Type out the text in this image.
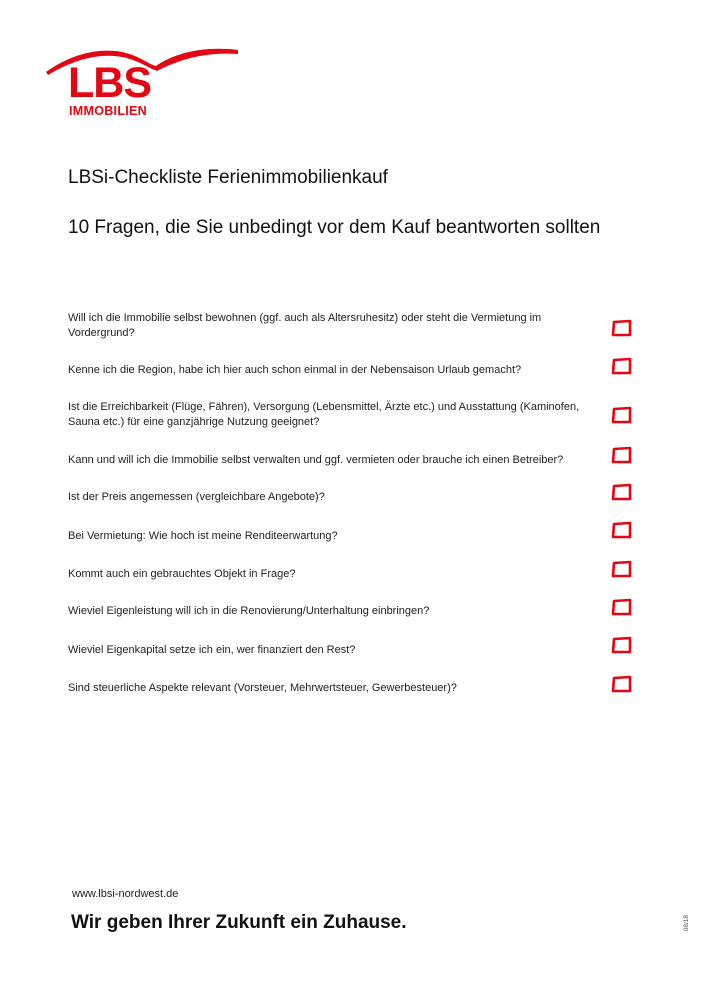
LBS
IMMOBILIEN
LBSi-Checkliste Ferienimmobilienkauf
10 Fragen, die Sie unbedingt vor dem Kauf beantworten sollten
Will ich die Immobilie selbst bewohnen (ggf. auch als Altersruhesitz) oder steht die Vermietung im Vordergrund?
Kenne ich die Region, habe ich hier auch schon einmal in der Nebensaison Urlaub gemacht?
Ist die Erreichbarkeit (Flüge, Fähren), Versorgung (Lebensmittel, Ärzte etc.) und Ausstattung (Kaminofen, Sauna etc.) für eine ganzjährige Nutzung geeignet?
Kann und will ich die Immobilie selbst verwalten und ggf. vermieten oder brauche ich einen Betreiber?
Ist der Preis angemessen (vergleichbare Angebote)?
Bei Vermietung: Wie hoch ist meine Renditeerwartung?
Kommt auch ein gebrauchtes Objekt in Frage?
Wieviel Eigenleistung will ich in die Renovierung/Unterhaltung einbringen?
Wieviel Eigenkapital setze ich ein, wer finanziert den Rest?
Sind steuerliche Aspekte relevant (Vorsteuer, Mehrwertsteuer, Gewerbesteuer)?
www.lbsi-nordwest.de
Wir geben Ihrer Zukunft ein Zuhause.	08/18
